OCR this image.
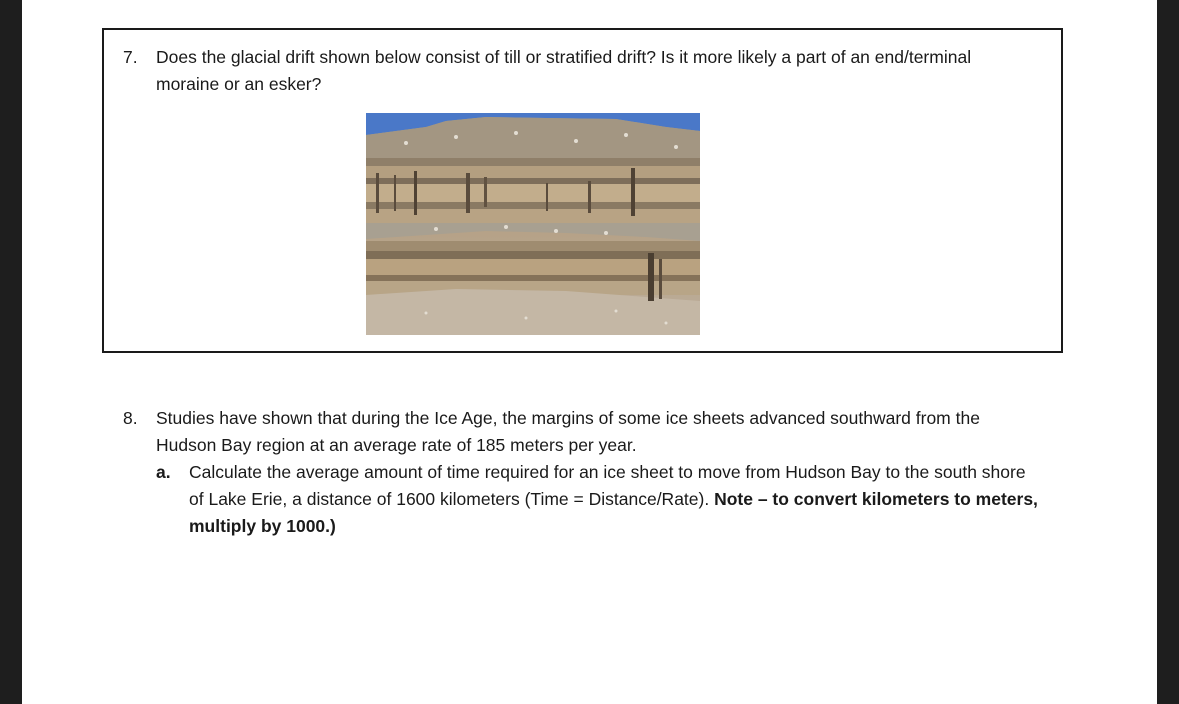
7. Does the glacial drift shown below consist of till or stratified drift? Is it more likely a part of an end/terminal
moraine or an esker?
8. Studies have shown that during the Ice Age, the margins of some ice sheets advanced southward from the
Hudson Bay region at an average rate of 185 meters per year.
a. Calculate the average amount of time required for an ice sheet to move from Hudson Bay to the south shore
of Lake Erie, a distance of 1600 kilometers (Time = Distance/Rate). Note – to convert kilometers to meters,
multiply by 1000.)
